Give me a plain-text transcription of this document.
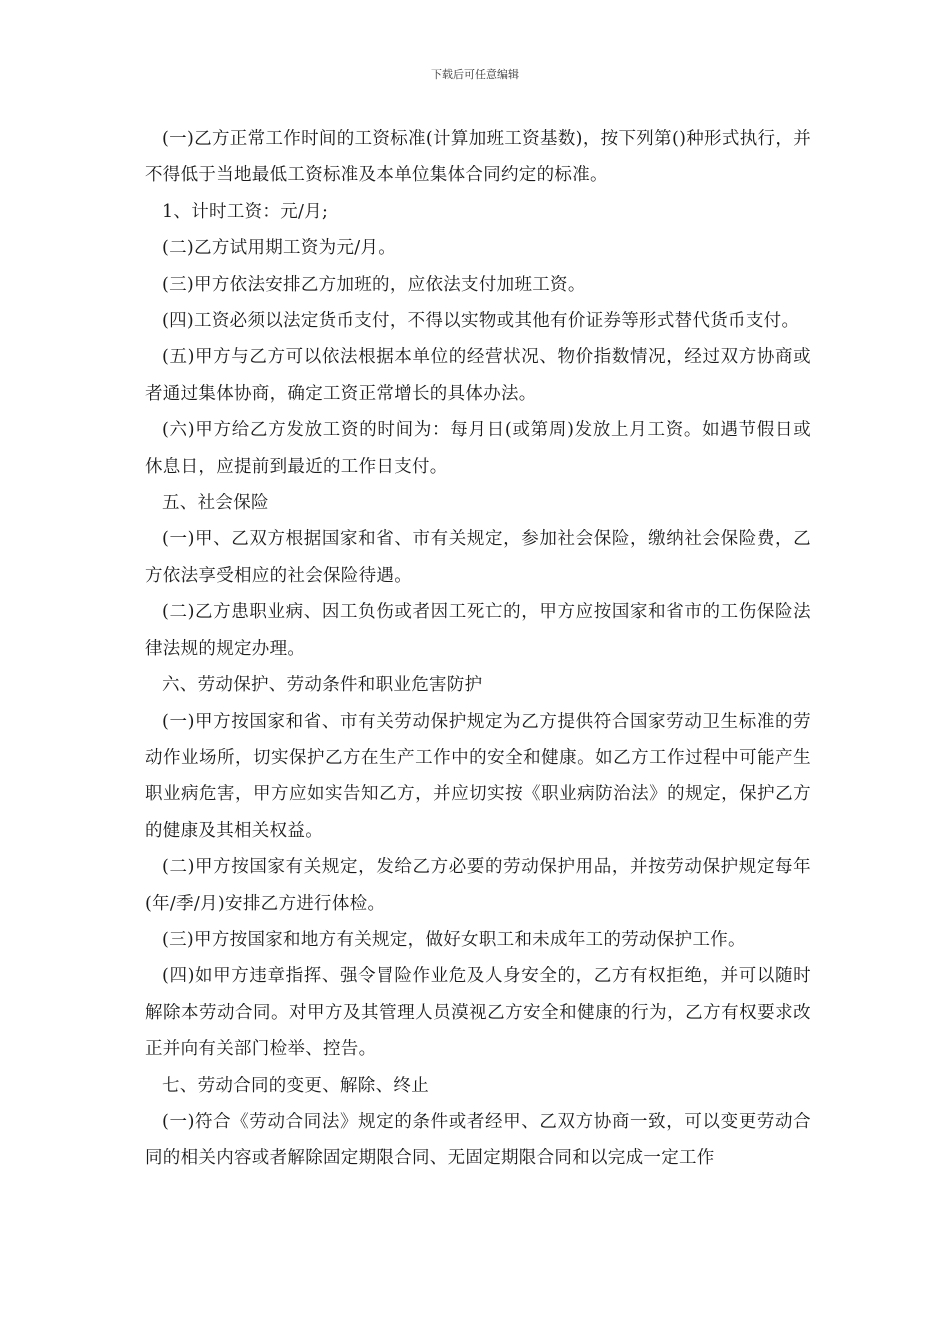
下载后可任意编辑

(一)乙方正常工作时间的工资标准(计算加班工资基数)，按下列第()种形式执行，并不得低于当地最低工资标准及本单位集体合同约定的标准。

1、计时工资：元/月;

(二)乙方试用期工资为元/月。

(三)甲方依法安排乙方加班的，应依法支付加班工资。

(四)工资必须以法定货币支付，不得以实物或其他有价证券等形式替代货币支付。

(五)甲方与乙方可以依法根据本单位的经营状况、物价指数情况，经过双方协商或者通过集体协商，确定工资正常增长的具体办法。

(六)甲方给乙方发放工资的时间为：每月日(或第周)发放上月工资。如遇节假日或休息日，应提前到最近的工作日支付。

五、社会保险

(一)甲、乙双方根据国家和省、市有关规定，参加社会保险，缴纳社会保险费，乙方依法享受相应的社会保险待遇。

(二)乙方患职业病、因工负伤或者因工死亡的，甲方应按国家和省市的工伤保险法律法规的规定办理。

六、劳动保护、劳动条件和职业危害防护

(一)甲方按国家和省、市有关劳动保护规定为乙方提供符合国家劳动卫生标准的劳动作业场所，切实保护乙方在生产工作中的安全和健康。如乙方工作过程中可能产生职业病危害，甲方应如实告知乙方，并应切实按《职业病防治法》的规定，保护乙方的健康及其相关权益。

(二)甲方按国家有关规定，发给乙方必要的劳动保护用品，并按劳动保护规定每年(年/季/月)安排乙方进行体检。

(三)甲方按国家和地方有关规定，做好女职工和未成年工的劳动保护工作。

(四)如甲方违章指挥、强令冒险作业危及人身安全的，乙方有权拒绝，并可以随时解除本劳动合同。对甲方及其管理人员漠视乙方安全和健康的行为，乙方有权要求改正并向有关部门检举、控告。

七、劳动合同的变更、解除、终止

(一)符合《劳动合同法》规定的条件或者经甲、乙双方协商一致，可以变更劳动合同的相关内容或者解除固定期限合同、无固定期限合同和以完成一定工作
